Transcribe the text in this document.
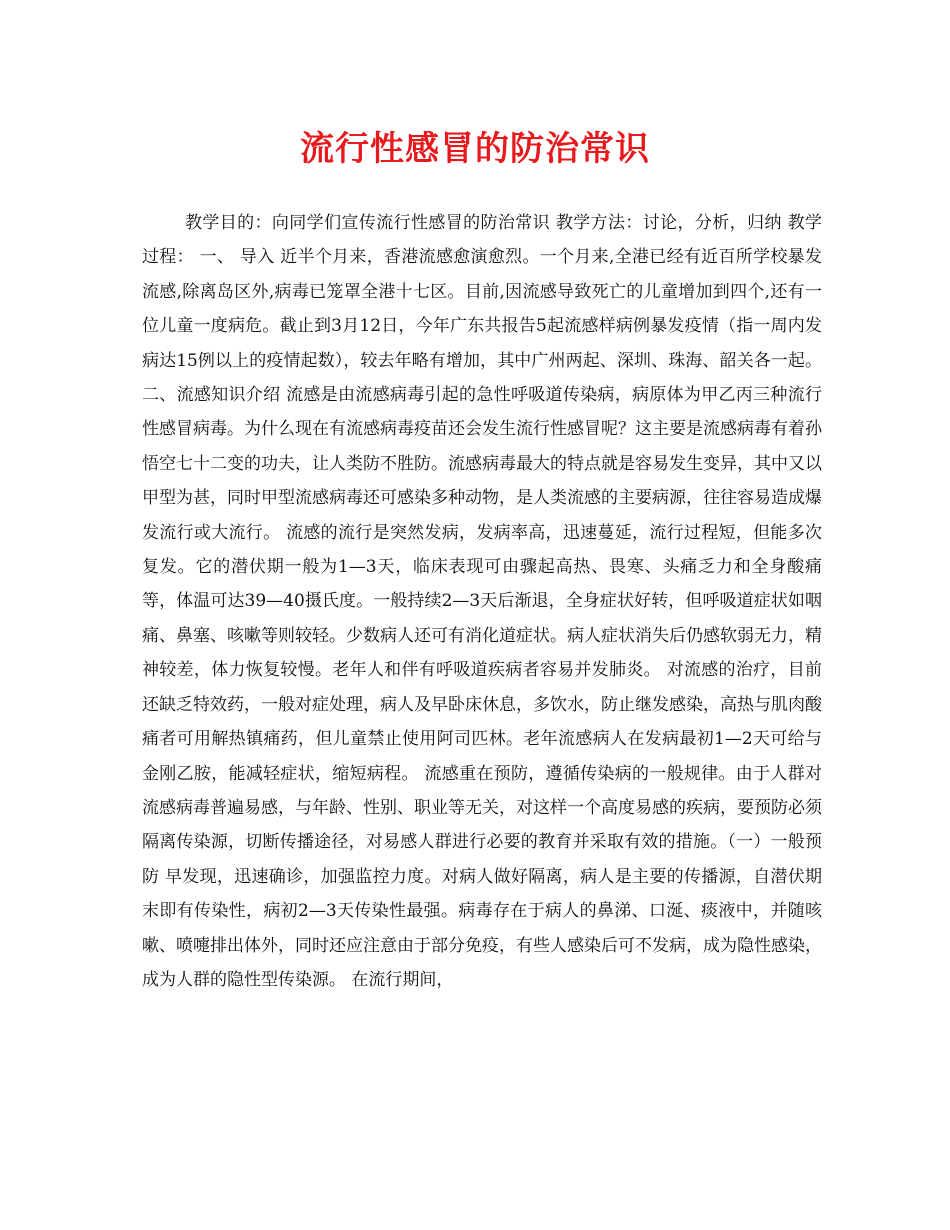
流行性感冒的防治常识

教学目的：向同学们宣传流行性感冒的防治常识 教学方法：讨论，分析，归纳 教学过程： 一、 导入 近半个月来，香港流感愈演愈烈。一个月来,全港已经有近百所学校暴发流感,除离岛区外,病毒已笼罩全港十七区。目前,因流感导致死亡的儿童增加到四个,还有一位儿童一度病危。截止到3月12日，今年广东共报告5起流感样病例暴发疫情（指一周内发病达15例以上的疫情起数），较去年略有增加，其中广州两起、深圳、珠海、韶关各一起。 二、流感知识介绍 流感是由流感病毒引起的急性呼吸道传染病，病原体为甲乙丙三种流行性感冒病毒。为什么现在有流感病毒疫苗还会发生流行性感冒呢？这主要是流感病毒有着孙悟空七十二变的功夫，让人类防不胜防。流感病毒最大的特点就是容易发生变异，其中又以甲型为甚，同时甲型流感病毒还可感染多种动物，是人类流感的主要病源，往往容易造成爆发流行或大流行。 流感的流行是突然发病，发病率高，迅速蔓延，流行过程短，但能多次复发。它的潜伏期一般为1—3天，临床表现可由骤起高热、畏寒、头痛乏力和全身酸痛等，体温可达39—40摄氏度。一般持续2—3天后渐退，全身症状好转，但呼吸道症状如咽痛、鼻塞、咳嗽等则较轻。少数病人还可有消化道症状。病人症状消失后仍感软弱无力，精神较差，体力恢复较慢。老年人和伴有呼吸道疾病者容易并发肺炎。 对流感的治疗，目前还缺乏特效药，一般对症处理，病人及早卧床休息，多饮水，防止继发感染，高热与肌肉酸痛者可用解热镇痛药，但儿童禁止使用阿司匹林。老年流感病人在发病最初1—2天可给与金刚乙胺，能减轻症状，缩短病程。 流感重在预防，遵循传染病的一般规律。由于人群对流感病毒普遍易感，与年龄、性别、职业等无关，对这样一个高度易感的疾病，要预防必须隔离传染源，切断传播途径，对易感人群进行必要的教育并采取有效的措施。（一）一般预防 早发现，迅速确诊，加强监控力度。对病人做好隔离，病人是主要的传播源，自潜伏期末即有传染性，病初2—3天传染性最强。病毒存在于病人的鼻涕、口涎、痰液中，并随咳嗽、喷嚏排出体外，同时还应注意由于部分免疫，有些人感染后可不发病，成为隐性感染，成为人群的隐性型传染源。 在流行期间，
